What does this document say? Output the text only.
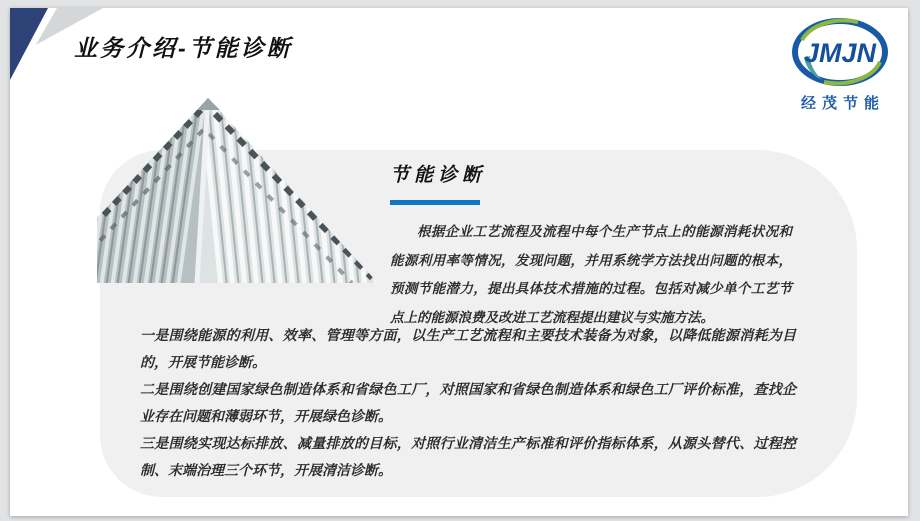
业务介绍-节能诊断	JMJN
经茂节能
节能诊断

根据企业工艺流程及流程中每个生产节点上的能源消耗状况和能源利用率等情况，发现问题，并用系统学方法找出问题的根本，预测节能潜力，提出具体技术措施的过程。包括对减少单个工艺节点上的能源浪费及改进工艺流程提出建议与实施方法。

一是围绕能源的利用、效率、管理等方面，以生产工艺流程和主要技术装备为对象，以降低能源消耗为目的，开展节能诊断。

二是围绕创建国家绿色制造体系和省绿色工厂，对照国家和省绿色制造体系和绿色工厂评价标准，查找企业存在问题和薄弱环节，开展绿色诊断。

三是围绕实现达标排放、减量排放的目标，对照行业清洁生产标准和评价指标体系，从源头替代、过程控制、末端治理三个环节，开展清洁诊断。
